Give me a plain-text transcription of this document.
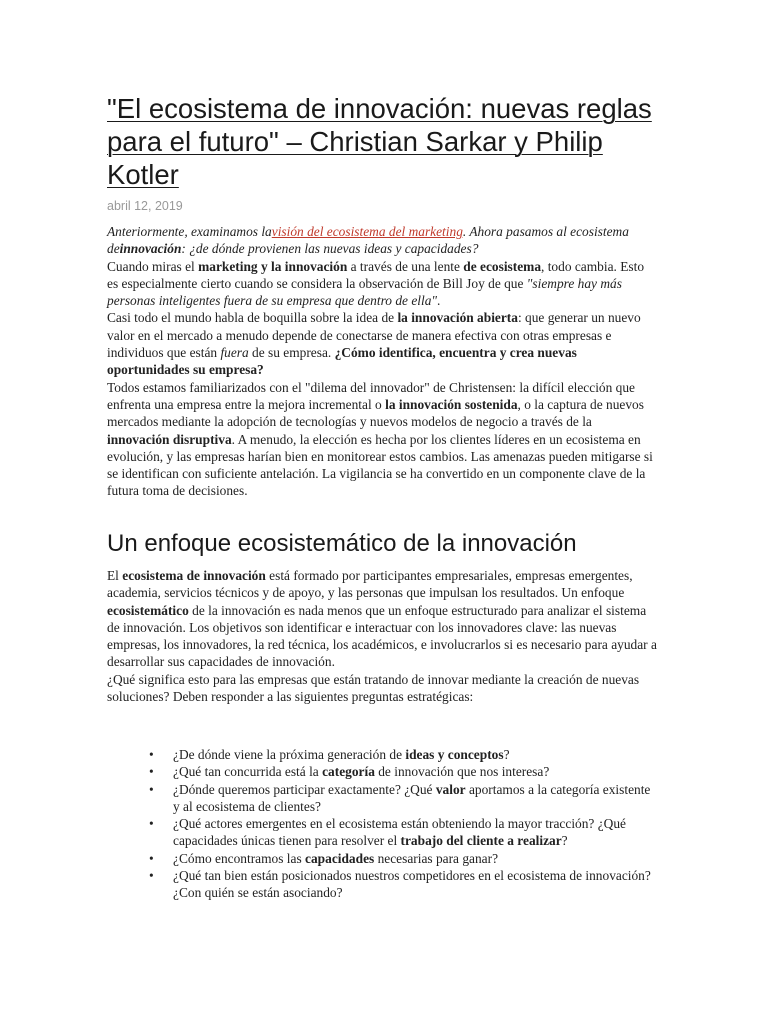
"El ecosistema de innovación: nuevas reglas para el futuro" – Christian Sarkar y Philip Kotler
abril 12, 2019

Anteriormente, examinamos lavisión del ecosistema del marketing. Ahora pasamos al ecosistema deinnovación: ¿de dónde provienen las nuevas ideas y capacidades?

Cuando miras el marketing y la innovación a través de una lente de ecosistema, todo cambia. Esto es especialmente cierto cuando se considera la observación de Bill Joy de que "siempre hay más personas inteligentes fuera de su empresa que dentro de ella".

Casi todo el mundo habla de boquilla sobre la idea de la innovación abierta: que generar un nuevo valor en el mercado a menudo depende de conectarse de manera efectiva con otras empresas e individuos que están fuera de su empresa. ¿Cómo identifica, encuentra y crea nuevas oportunidades su empresa?

Todos estamos familiarizados con el "dilema del innovador" de Christensen: la difícil elección que enfrenta una empresa entre la mejora incremental o la innovación sostenida, o la captura de nuevos mercados mediante la adopción de tecnologías y nuevos modelos de negocio a través de la innovación disruptiva. A menudo, la elección es hecha por los clientes líderes en un ecosistema en evolución, y las empresas harían bien en monitorear estos cambios. Las amenazas pueden mitigarse si se identifican con suficiente antelación. La vigilancia se ha convertido en un componente clave de la futura toma de decisiones.

Un enfoque ecosistemático de la innovación

El ecosistema de innovación está formado por participantes empresariales, empresas emergentes, academia, servicios técnicos y de apoyo, y las personas que impulsan los resultados. Un enfoque ecosistemático de la innovación es nada menos que un enfoque estructurado para analizar el sistema de innovación. Los objetivos son identificar e interactuar con los innovadores clave: las nuevas empresas, los innovadores, la red técnica, los académicos, e involucrarlos si es necesario para ayudar a desarrollar sus capacidades de innovación.

¿Qué significa esto para las empresas que están tratando de innovar mediante la creación de nuevas soluciones? Deben responder a las siguientes preguntas estratégicas:

• ¿De dónde viene la próxima generación de ideas y conceptos?
• ¿Qué tan concurrida está la categoría de innovación que nos interesa?
• ¿Dónde queremos participar exactamente? ¿Qué valor aportamos a la categoría existente y al ecosistema de clientes?
• ¿Qué actores emergentes en el ecosistema están obteniendo la mayor tracción? ¿Qué capacidades únicas tienen para resolver el trabajo del cliente a realizar?
• ¿Cómo encontramos las capacidades necesarias para ganar?
• ¿Qué tan bien están posicionados nuestros competidores en el ecosistema de innovación? ¿Con quién se están asociando?
